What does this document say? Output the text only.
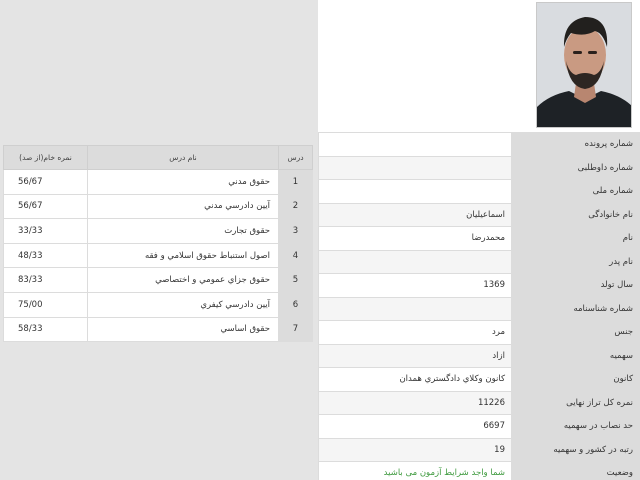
درس	نام درس	نمره خام(از صد)
1	حقوق مدني	56/67
2	آيين دادرسي مدني	56/67
3	حقوق تجارت	33/33
4	اصول استنباط حقوق اسلامي و فقه	48/33
5	حقوق جزاي عمومي و اختصاصي	83/33
6	آيين دادرسي كيفري	75/00
7	حقوق اساسي	58/33
شماره پرونده	
شماره داوطلبی	
شماره ملی	
نام خانوادگی	اسماعیلیان
نام	محمدرضا
نام پدر	
سال تولد	1369
شماره شناسنامه	
جنس	مرد
سهمیه	ازاد
کانون	کانون وكلاي دادگستري همدان
نمره کل تراز نهایی	11226
حد نصاب در سهمیه	6697
رتبه در کشور و سهمیه	19
وضعیت	شما واجد شرایط آزمون می باشید
